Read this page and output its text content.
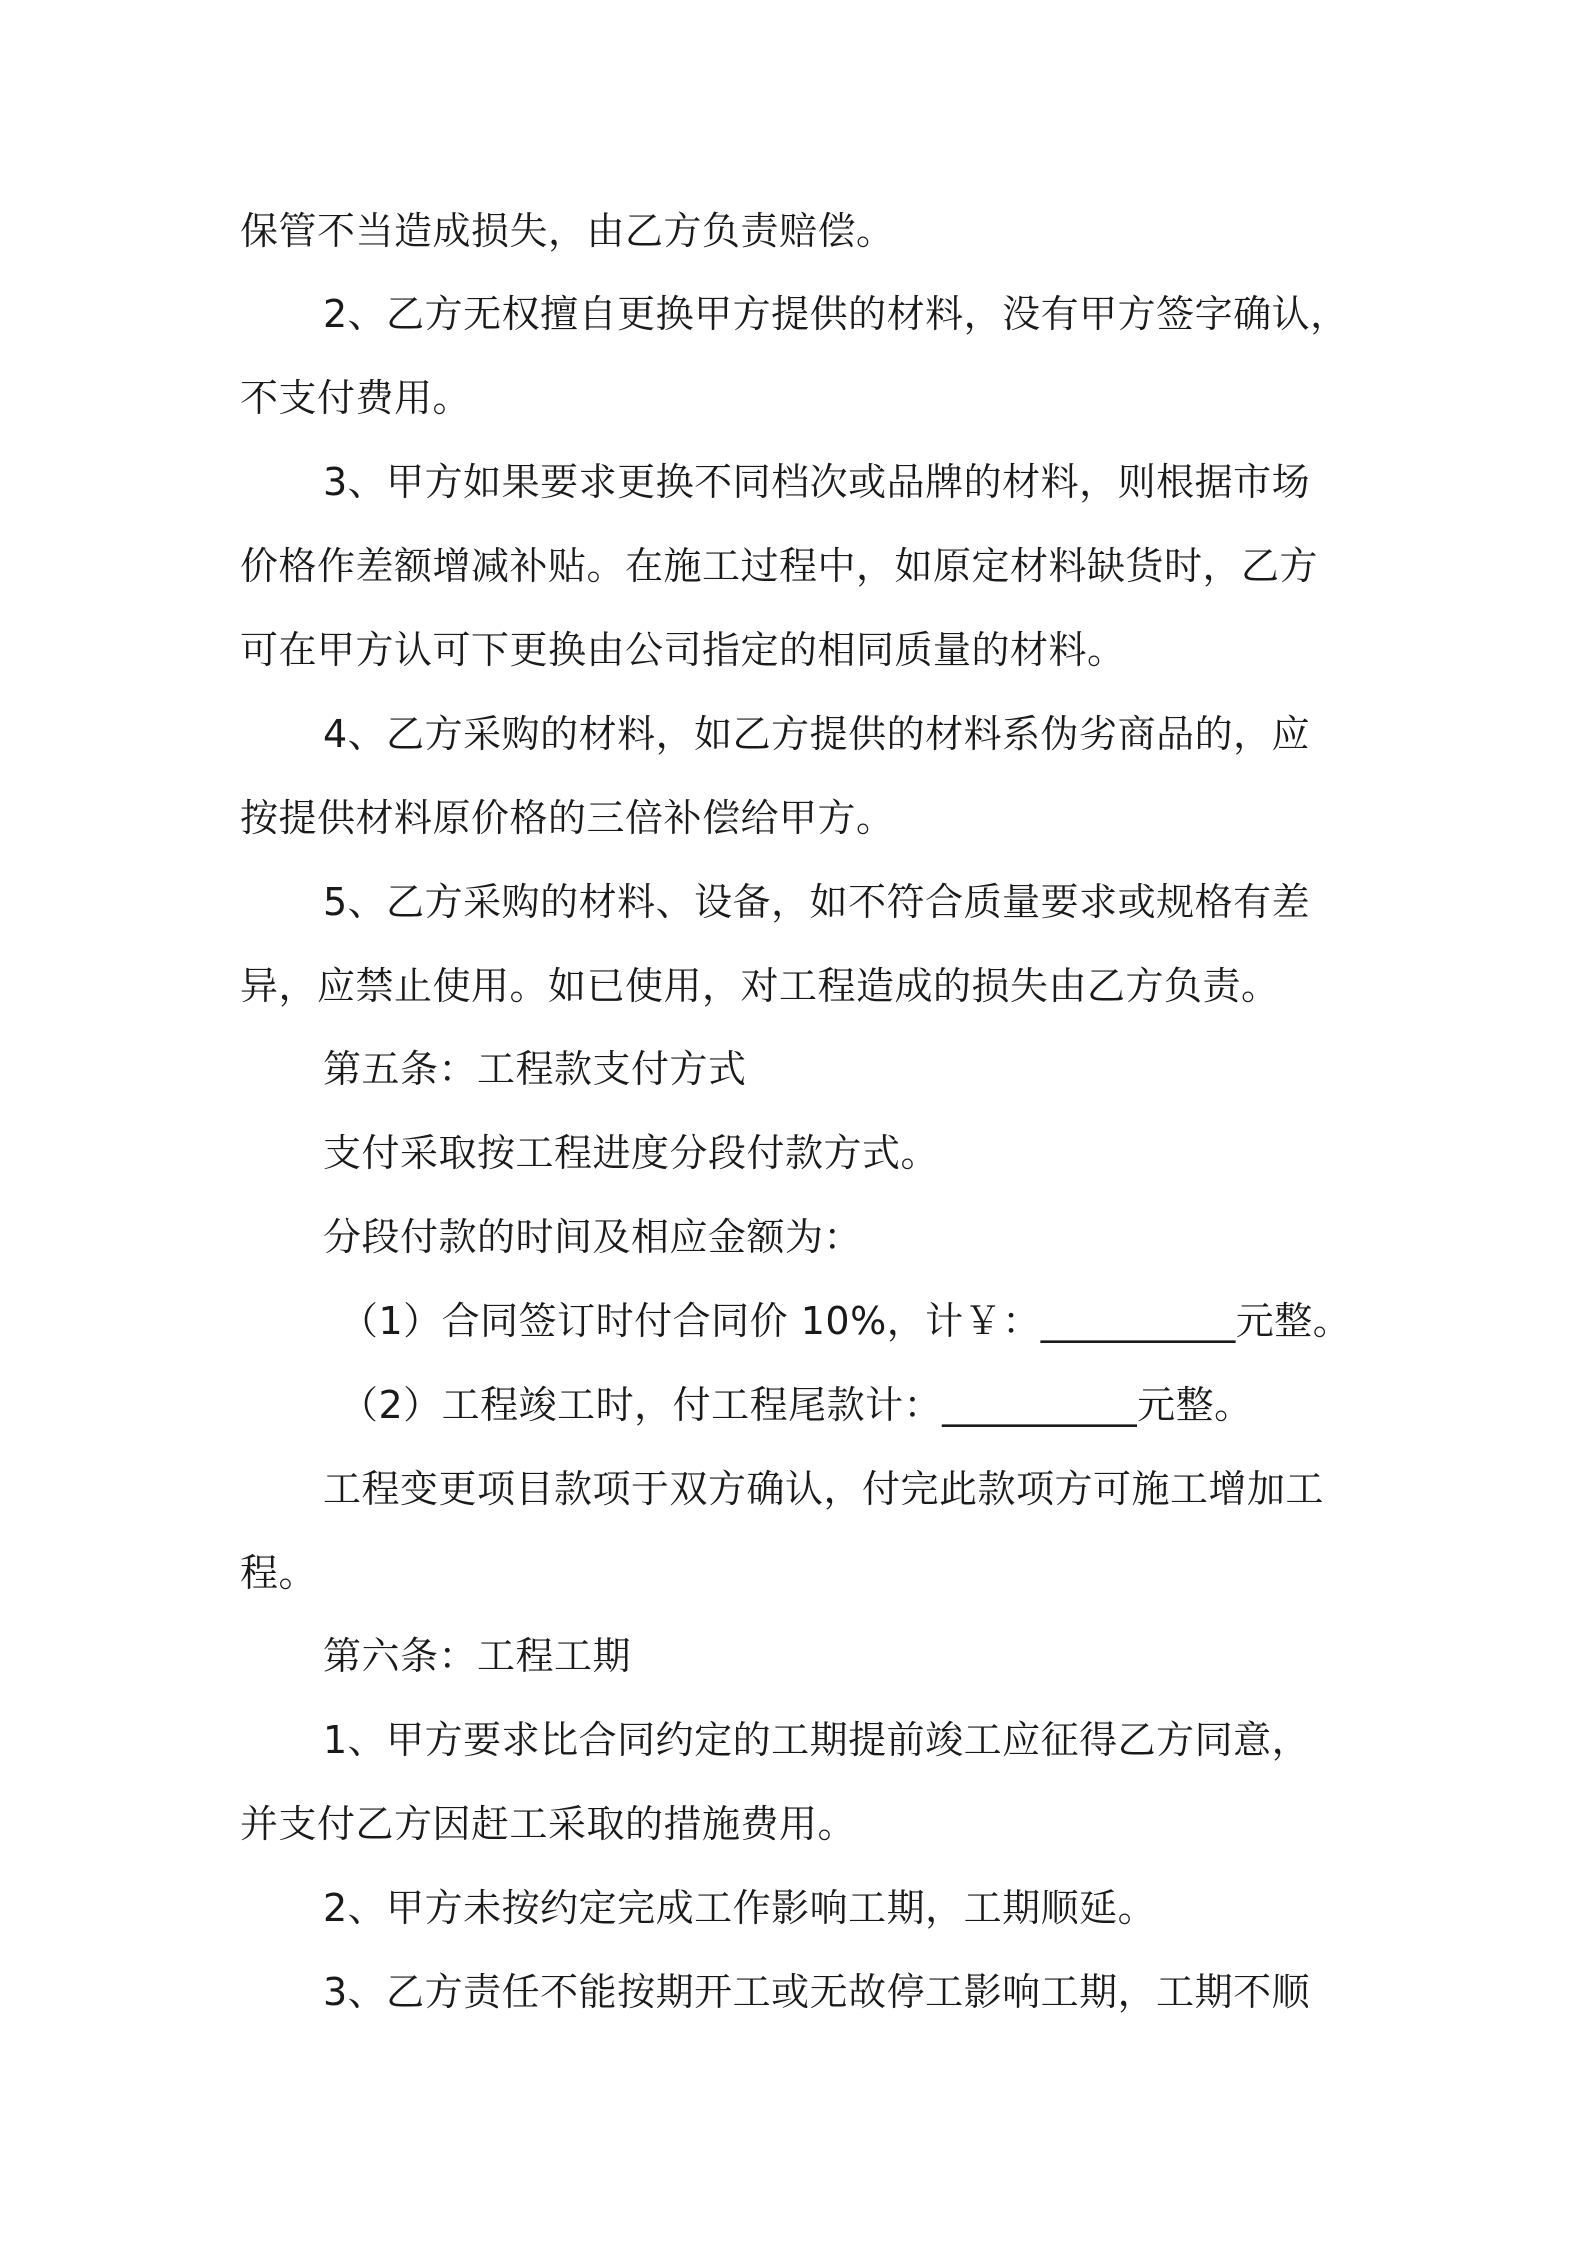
保管不当造成损失，由乙方负责赔偿。
2、乙方无权擅自更换甲方提供的材料，没有甲方签字确认，
不支付费用。
3、甲方如果要求更换不同档次或品牌的材料，则根据市场
价格作差额增减补贴。在施工过程中，如原定材料缺货时，乙方
可在甲方认可下更换由公司指定的相同质量的材料。
4、乙方采购的材料，如乙方提供的材料系伪劣商品的，应
按提供材料原价格的三倍补偿给甲方。
5、乙方采购的材料、设备，如不符合质量要求或规格有差
异，应禁止使用。如已使用，对工程造成的损失由乙方负责。
第五条：工程款支付方式
支付采取按工程进度分段付款方式。
分段付款的时间及相应金额为：
（1）合同签订时付合同价 10%，计￥：__________元整。
（2）工程竣工时，付工程尾款计：__________元整。
工程变更项目款项于双方确认，付完此款项方可施工增加工
程。
第六条：工程工期
1、甲方要求比合同约定的工期提前竣工应征得乙方同意，
并支付乙方因赶工采取的措施费用。
2、甲方未按约定完成工作影响工期，工期顺延。
3、乙方责任不能按期开工或无故停工影响工期，工期不顺
